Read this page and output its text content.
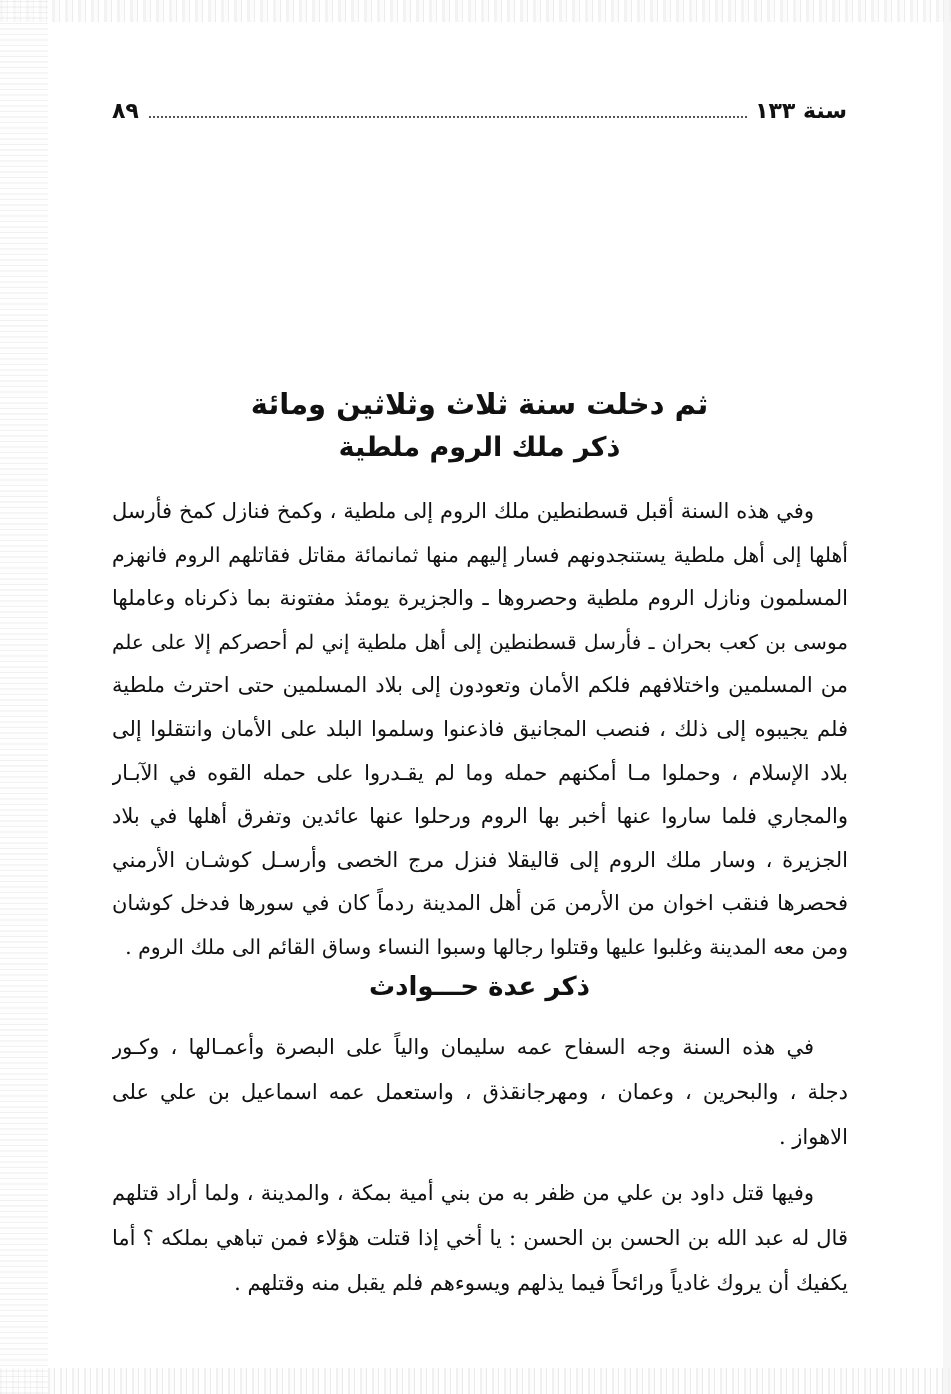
سنة ١٣٣
٨٩
ثم دخلت سنة ثلاث وثلاثين ومائة
ذكر ملك الروم ملطية
وفي هذه السنة أقبل قسطنطين ملك الروم إلى ملطية ، وكمخ فنازل كمخ فأرسل
أهلها إلى أهل ملطية يستنجدونهم فسار إليهم منها ثمانمائة مقاتل فقاتلهم الروم فانهزم
المسلمون ونازل الروم ملطية وحصروها ـ والجزيرة يومئذ مفتونة بما ذكرناه وعاملها
موسى بن كعب بحران ـ فأرسل قسطنطين إلى أهل ملطية إني لم أحصركم إلا على علم
من المسلمين واختلافهم فلكم الأمان وتعودون إلى بلاد المسلمين حتى احترث ملطية
فلم يجيبوه إلى ذلك ، فنصب المجانيق فاذعنوا وسلموا البلد على الأمان وانتقلوا إلى
بلاد الإسلام ، وحملوا مـا أمكنهم حمله وما لم يقـدروا على حمله القوه في الآبـار
والمجاري فلما ساروا عنها أخبر بها الروم ورحلوا عنها عائدين وتفرق أهلها في بلاد
الجزيرة ، وسار ملك الروم إلى قاليقلا فنزل مرج الخصى وأرسـل كوشـان الأرمني
فحصرها فنقب اخوان من الأرمن مَن أهل المدينة ردماً كان في سورها فدخل كوشان
ومن معه المدينة وغلبوا عليها وقتلوا رجالها وسبوا النساء وساق القائم الى ملك الروم .
ذكر عدة حـــوادث
في هذه السنة وجه السفاح عمه سليمان والياً على البصرة وأعمـالها ، وكـور
دجلة ، والبحرين ، وعمان ، ومهرجانقذق ، واستعمل عمه اسماعيل بن علي على
الاهواز .
وفيها قتل داود بن علي من ظفر به من بني أمية بمكة ، والمدينة ، ولما أراد قتلهم
قال له عبد الله بن الحسن بن الحسن : يا أخي إذا قتلت هؤلاء فمن تباهي بملكه ؟ أما
يكفيك أن يروك غادياً ورائحاً فيما يذلهم ويسوءهم فلم يقبل منه وقتلهم .
